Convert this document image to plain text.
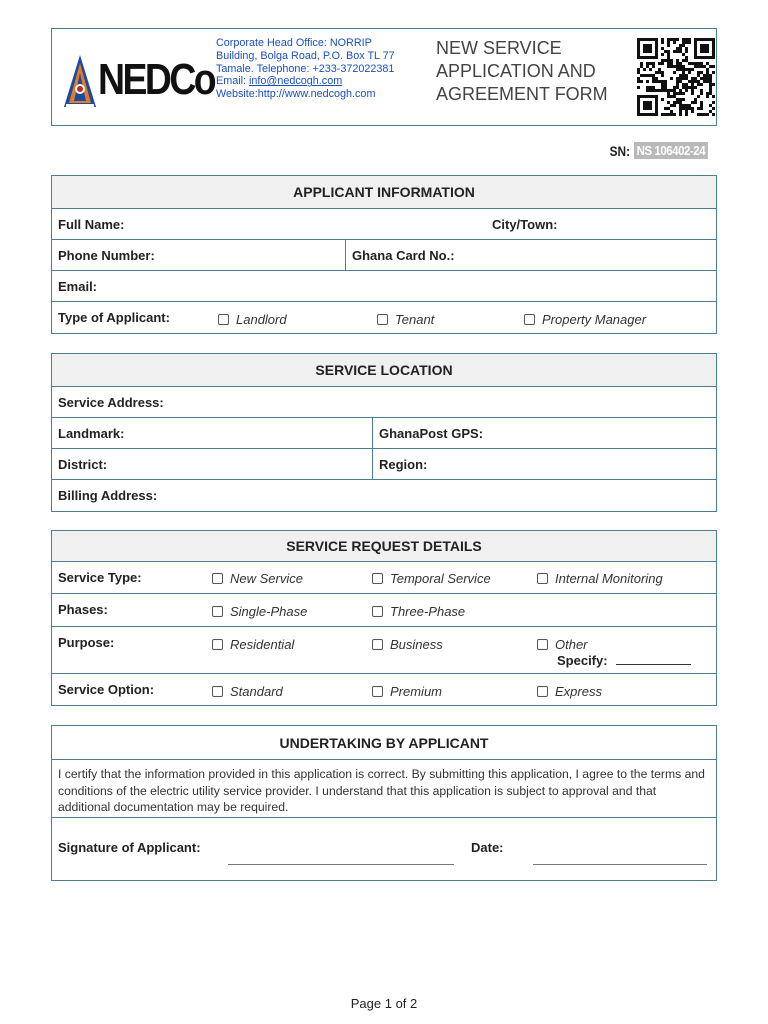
NEDCo
Corporate Head Office: NORRIP
Building, Bolga Road, P.O. Box TL 77
Tamale. Telephone: +233-372022381
Email: info@nedcogh.com
Website:http://www.nedcogh.com
NEW SERVICE
APPLICATION AND
AGREEMENT FORM
SN: NS 106402-24
APPLICANT INFORMATION
Full Name:	City/Town:
Phone Number:	Ghana Card No.:
Email:
Type of Applicant:	Landlord	Tenant	Property Manager
SERVICE LOCATION
Service Address:
Landmark:	GhanaPost GPS:
District:	Region:
Billing Address:
SERVICE REQUEST DETAILS
Service Type:	New Service	Temporal Service	Internal Monitoring
Phases:	Single-Phase	Three-Phase
Purpose:	Residential	Business	Other
Specify:
Service Option:	Standard	Premium	Express
UNDERTAKING BY APPLICANT
I certify that the information provided in this application is correct. By submitting this application, I agree to the terms and conditions of the electric utility service provider. I understand that this application is subject to approval and that additional documentation may be required.
Signature of Applicant:	Date:
Page 1 of 2
